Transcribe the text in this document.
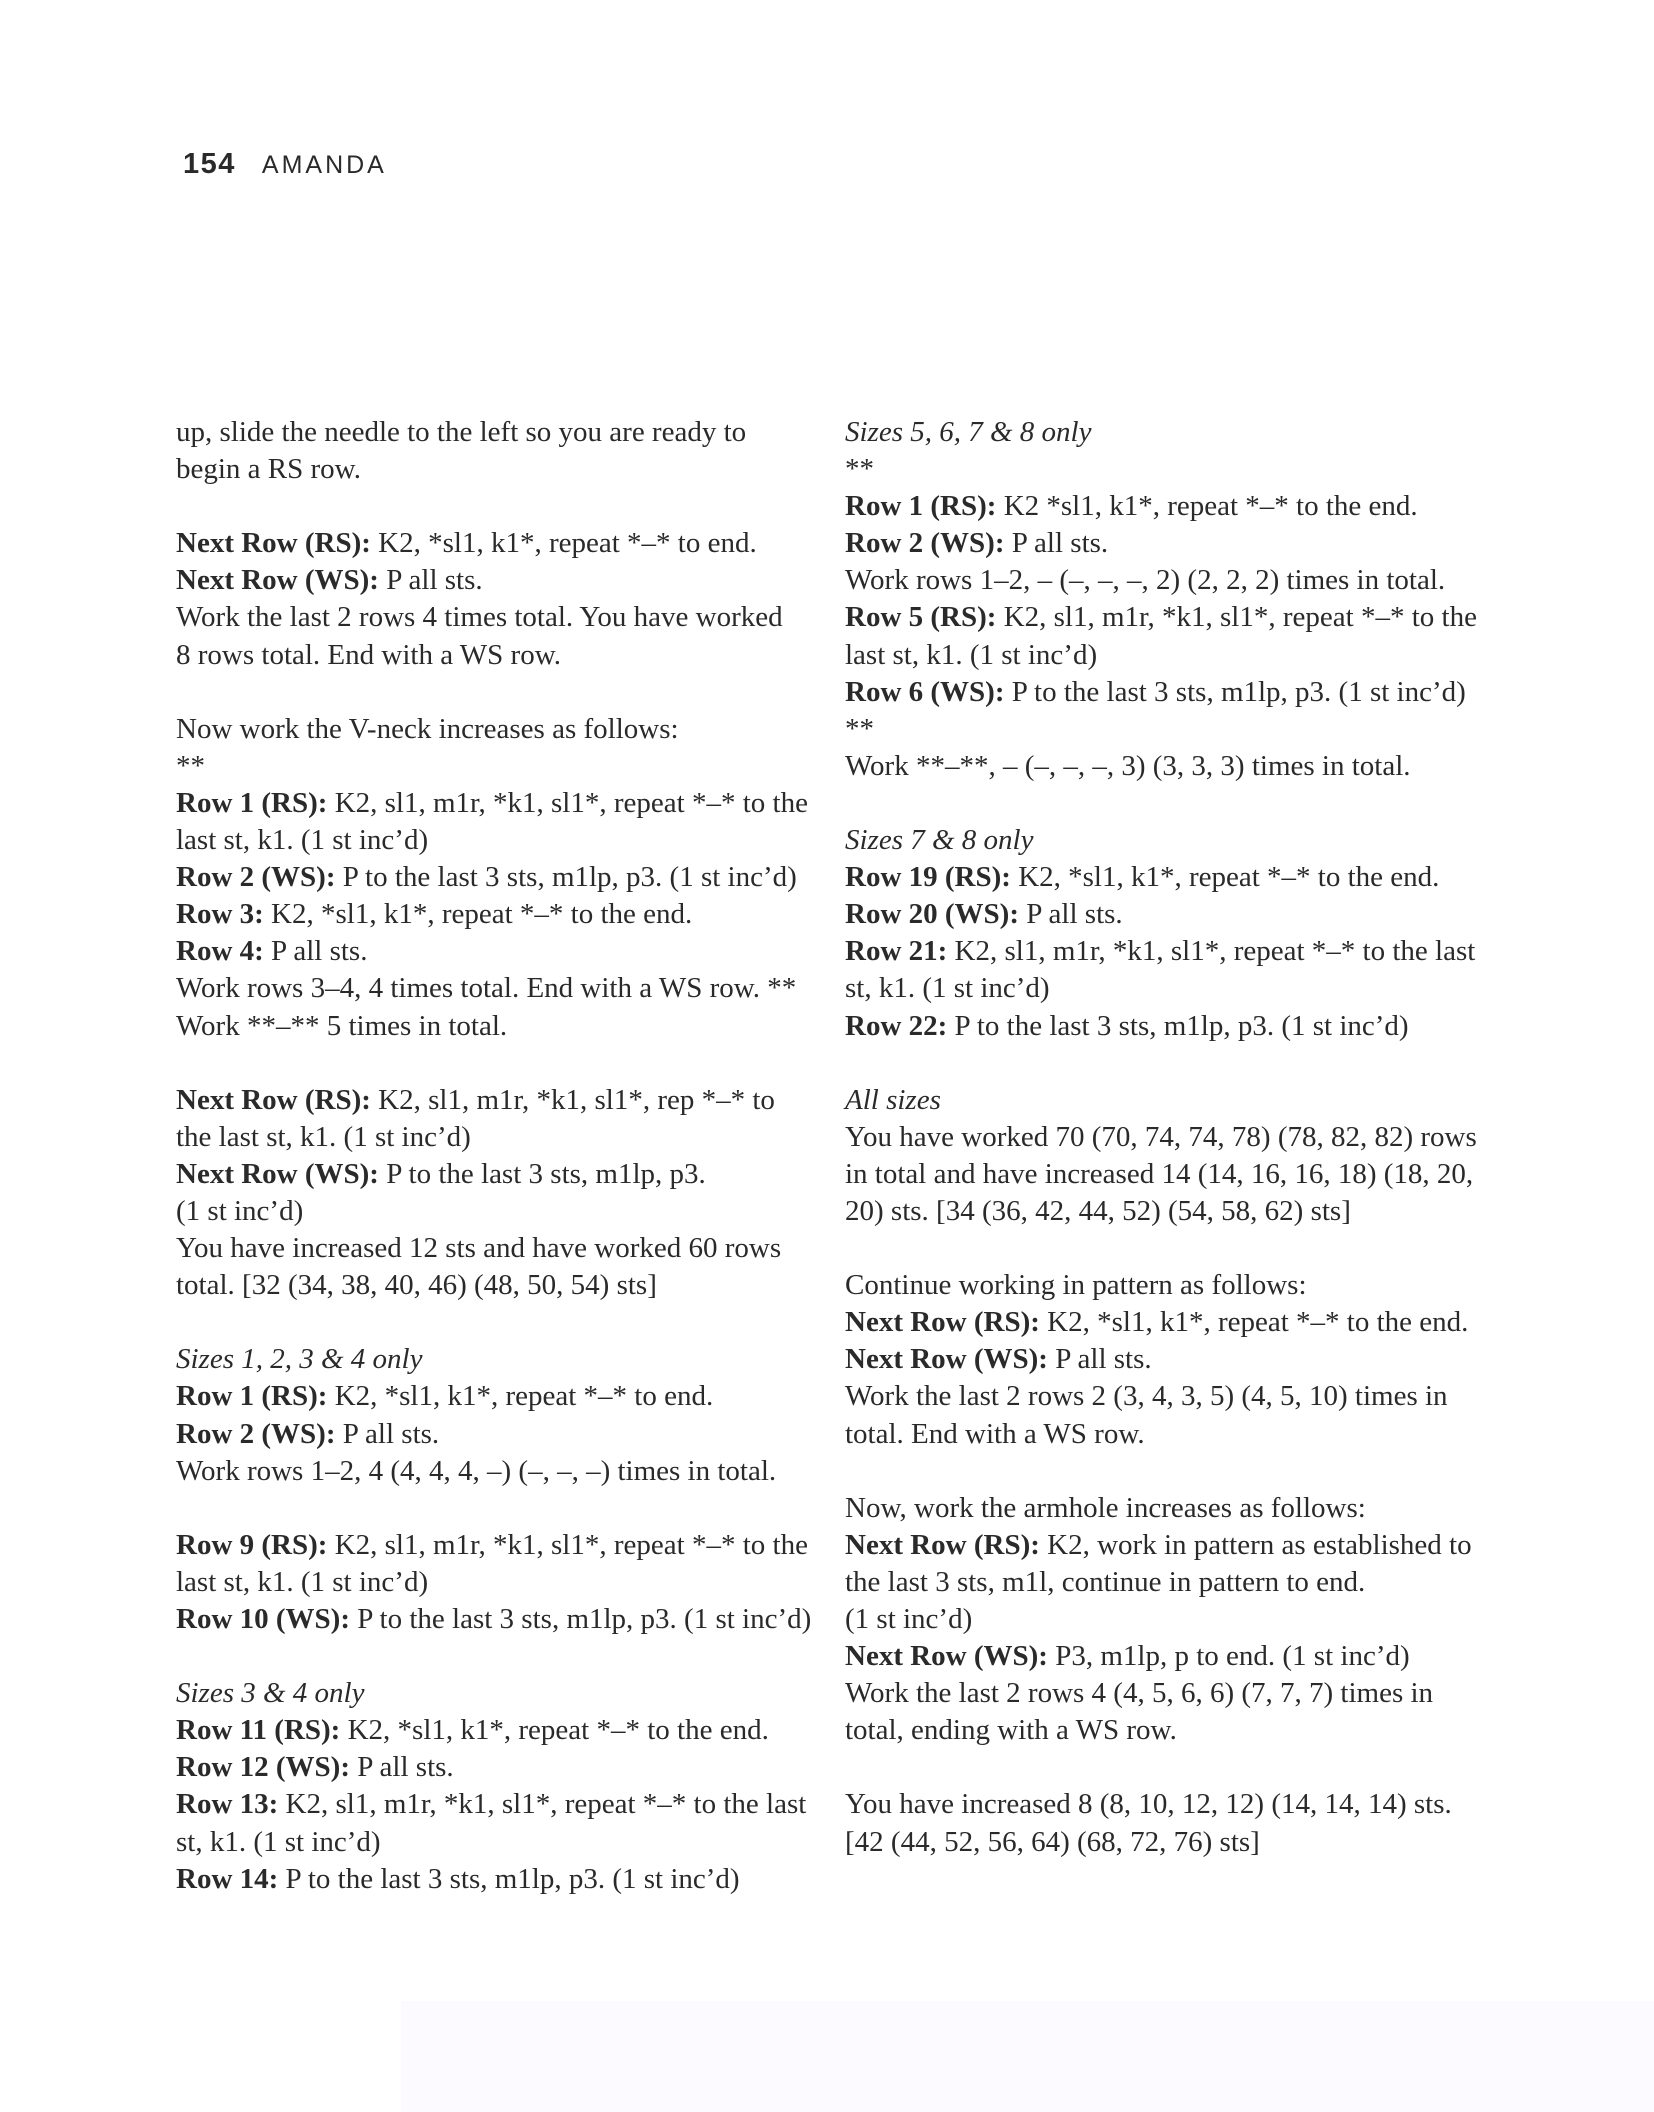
154 AMANDA

up, slide the needle to the left so you are ready to

begin a RS row.

Next Row (RS): K2, *sl1, k1*, repeat *–* to end.

Next Row (WS): P all sts.

Work the last 2 rows 4 times total. You have worked

8 rows total. End with a WS row.

Now work the V-neck increases as follows:

**

Row 1 (RS): K2, sl1, m1r, *k1, sl1*, repeat *–* to the

last st, k1. (1 st inc’d)

Row 2 (WS): P to the last 3 sts, m1lp, p3. (1 st inc’d)

Row 3: K2, *sl1, k1*, repeat *–* to the end.

Row 4: P all sts.

Work rows 3–4, 4 times total. End with a WS row. **

Work **–** 5 times in total.

Next Row (RS): K2, sl1, m1r, *k1, sl1*, rep *–* to

the last st, k1. (1 st inc’d)

Next Row (WS): P to the last 3 sts, m1lp, p3.

(1 st inc’d)

You have increased 12 sts and have worked 60 rows

total. [32 (34, 38, 40, 46) (48, 50, 54) sts]

Sizes 1, 2, 3 & 4 only

Row 1 (RS): K2, *sl1, k1*, repeat *–* to end.

Row 2 (WS): P all sts.

Work rows 1–2, 4 (4, 4, 4, –) (–, –, –) times in total.

Row 9 (RS): K2, sl1, m1r, *k1, sl1*, repeat *–* to the

last st, k1. (1 st inc’d)

Row 10 (WS): P to the last 3 sts, m1lp, p3. (1 st inc’d)

Sizes 3 & 4 only

Row 11 (RS): K2, *sl1, k1*, repeat *–* to the end.

Row 12 (WS): P all sts.

Row 13: K2, sl1, m1r, *k1, sl1*, repeat *–* to the last

st, k1. (1 st inc’d)

Row 14: P to the last 3 sts, m1lp, p3. (1 st inc’d)

Sizes 5, 6, 7 & 8 only

**

Row 1 (RS): K2 *sl1, k1*, repeat *–* to the end.

Row 2 (WS): P all sts.

Work rows 1–2, – (–, –, –, 2) (2, 2, 2) times in total.

Row 5 (RS): K2, sl1, m1r, *k1, sl1*, repeat *–* to the

last st, k1. (1 st inc’d)

Row 6 (WS): P to the last 3 sts, m1lp, p3. (1 st inc’d)

**

Work **–**, – (–, –, –, 3) (3, 3, 3) times in total.

Sizes 7 & 8 only

Row 19 (RS): K2, *sl1, k1*, repeat *–* to the end.

Row 20 (WS): P all sts.

Row 21: K2, sl1, m1r, *k1, sl1*, repeat *–* to the last

st, k1. (1 st inc’d)

Row 22: P to the last 3 sts, m1lp, p3. (1 st inc’d)

All sizes

You have worked 70 (70, 74, 74, 78) (78, 82, 82) rows

in total and have increased 14 (14, 16, 16, 18) (18, 20,

20) sts. [34 (36, 42, 44, 52) (54, 58, 62) sts]

Continue working in pattern as follows:

Next Row (RS): K2, *sl1, k1*, repeat *–* to the end.

Next Row (WS): P all sts.

Work the last 2 rows 2 (3, 4, 3, 5) (4, 5, 10) times in

total. End with a WS row.

Now, work the armhole increases as follows:

Next Row (RS): K2, work in pattern as established to

the last 3 sts, m1l, continue in pattern to end.

(1 st inc’d)

Next Row (WS): P3, m1lp, p to end. (1 st inc’d)

Work the last 2 rows 4 (4, 5, 6, 6) (7, 7, 7) times in

total, ending with a WS row.

You have increased 8 (8, 10, 12, 12) (14, 14, 14) sts.

[42 (44, 52, 56, 64) (68, 72, 76) sts]
